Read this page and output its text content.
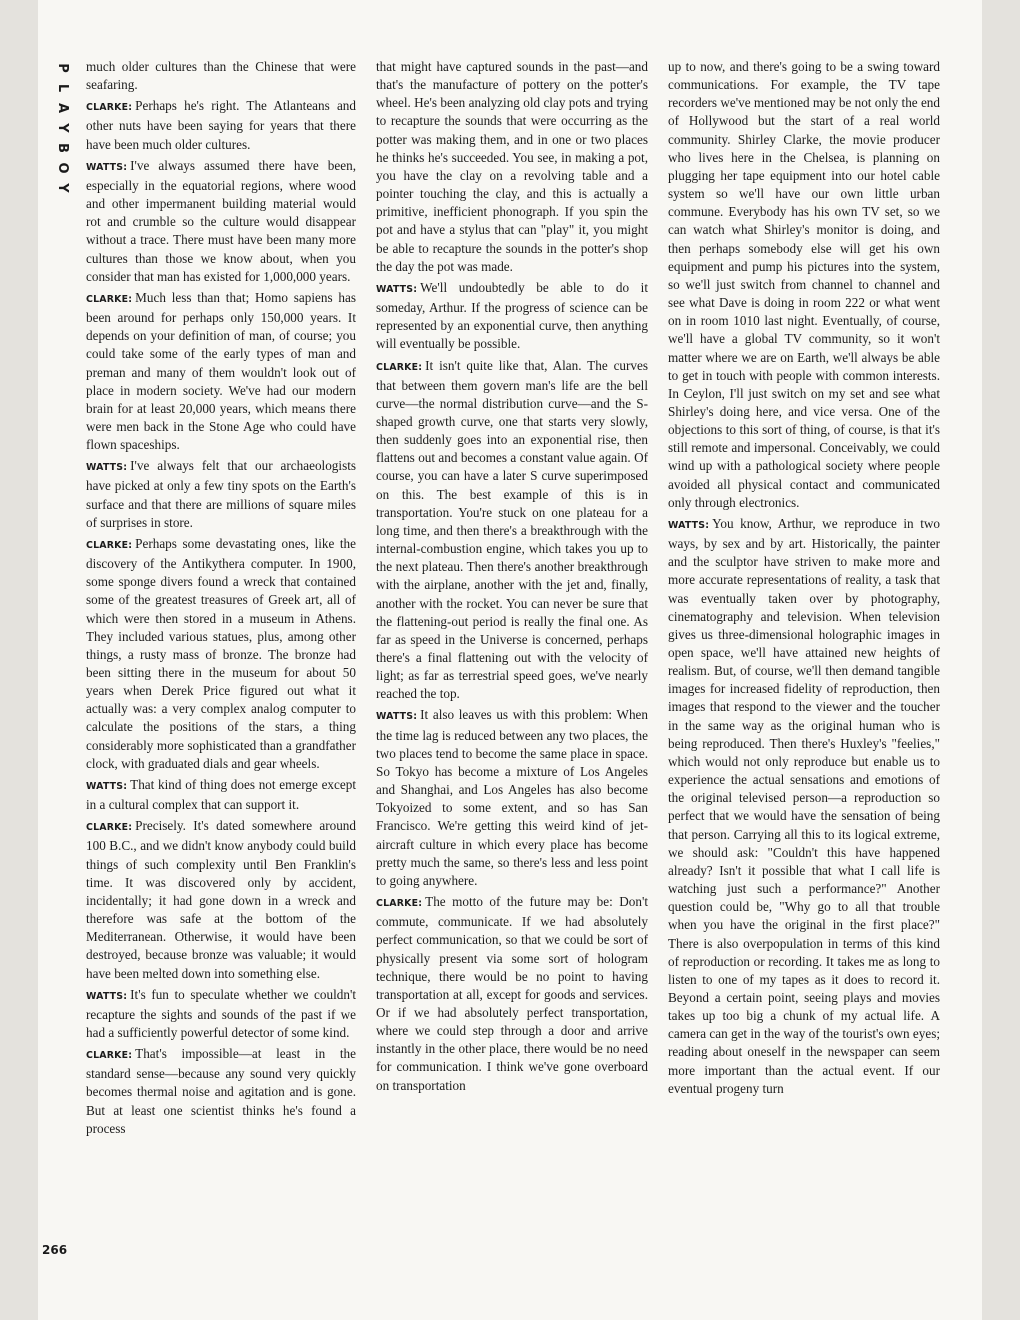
P
L
A
Y
B
O
Y
266

much older cultures than the Chinese that were seafaring.

CLARKE: Perhaps he's right. The Atlanteans and other nuts have been saying for years that there have been much older cultures.

WATTS: I've always assumed there have been, especially in the equatorial regions, where wood and other impermanent building material would rot and crumble so the culture would disappear without a trace. There must have been many more cultures than those we know about, when you consider that man has existed for 1,000,000 years.

CLARKE: Much less than that; Homo sapiens has been around for perhaps only 150,000 years. It depends on your definition of man, of course; you could take some of the early types of man and preman and many of them wouldn't look out of place in modern society. We've had our modern brain for at least 20,000 years, which means there were men back in the Stone Age who could have flown spaceships.

WATTS: I've always felt that our archaeologists have picked at only a few tiny spots on the Earth's surface and that there are millions of square miles of surprises in store.

CLARKE: Perhaps some devastating ones, like the discovery of the Antikythera computer. In 1900, some sponge divers found a wreck that contained some of the greatest treasures of Greek art, all of which were then stored in a museum in Athens. They included various statues, plus, among other things, a rusty mass of bronze. The bronze had been sitting there in the museum for about 50 years when Derek Price figured out what it actually was: a very complex analog computer to calculate the positions of the stars, a thing considerably more sophisticated than a grandfather clock, with graduated dials and gear wheels.

WATTS: That kind of thing does not emerge except in a cultural complex that can support it.

CLARKE: Precisely. It's dated somewhere around 100 B.C., and we didn't know anybody could build things of such complexity until Ben Franklin's time. It was discovered only by accident, incidentally; it had gone down in a wreck and therefore was safe at the bottom of the Mediterranean. Otherwise, it would have been destroyed, because bronze was valuable; it would have been melted down into something else.

WATTS: It's fun to speculate whether we couldn't recapture the sights and sounds of the past if we had a sufficiently powerful detector of some kind.

CLARKE: That's impossible—at least in the standard sense—because any sound very quickly becomes thermal noise and agitation and is gone. But at least one scientist thinks he's found a process

that might have captured sounds in the past—and that's the manufacture of pottery on the potter's wheel. He's been analyzing old clay pots and trying to recapture the sounds that were occurring as the potter was making them, and in one or two places he thinks he's succeeded. You see, in making a pot, you have the clay on a revolving table and a pointer touching the clay, and this is actually a primitive, inefficient phonograph. If you spin the pot and have a stylus that can "play" it, you might be able to recapture the sounds in the potter's shop the day the pot was made.

WATTS: We'll undoubtedly be able to do it someday, Arthur. If the progress of science can be represented by an exponential curve, then anything will eventually be possible.

CLARKE: It isn't quite like that, Alan. The curves that between them govern man's life are the bell curve—the normal distribution curve—and the S-shaped growth curve, one that starts very slowly, then suddenly goes into an exponential rise, then flattens out and becomes a constant value again. Of course, you can have a later S curve superimposed on this. The best example of this is in transportation. You're stuck on one plateau for a long time, and then there's a breakthrough with the internal-combustion engine, which takes you up to the next plateau. Then there's another breakthrough with the airplane, another with the jet and, finally, another with the rocket. You can never be sure that the flattening-out period is really the final one. As far as speed in the Universe is concerned, perhaps there's a final flattening out with the velocity of light; as far as terrestrial speed goes, we've nearly reached the top.

WATTS: It also leaves us with this problem: When the time lag is reduced between any two places, the two places tend to become the same place in space. So Tokyo has become a mixture of Los Angeles and Shanghai, and Los Angeles has also become Tokyoized to some extent, and so has San Francisco. We're getting this weird kind of jet-aircraft culture in which every place has become pretty much the same, so there's less and less point to going anywhere.

CLARKE: The motto of the future may be: Don't commute, communicate. If we had absolutely perfect communication, so that we could be sort of physically present via some sort of hologram technique, there would be no point to having transportation at all, except for goods and services. Or if we had absolutely perfect transportation, where we could step through a door and arrive instantly in the other place, there would be no need for communication. I think we've gone overboard on transportation

up to now, and there's going to be a swing toward communications. For example, the TV tape recorders we've mentioned may be not only the end of Hollywood but the start of a real world community. Shirley Clarke, the movie producer who lives here in the Chelsea, is planning on plugging her tape equipment into our hotel cable system so we'll have our own little urban commune. Everybody has his own TV set, so we can watch what Shirley's monitor is doing, and then perhaps somebody else will get his own equipment and pump his pictures into the system, so we'll just switch from channel to channel and see what Dave is doing in room 222 or what went on in room 1010 last night. Eventually, of course, we'll have a global TV community, so it won't matter where we are on Earth, we'll always be able to get in touch with people with common interests. In Ceylon, I'll just switch on my set and see what Shirley's doing here, and vice versa. One of the objections to this sort of thing, of course, is that it's still remote and impersonal. Conceivably, we could wind up with a pathological society where people avoided all physical contact and communicated only through electronics.

WATTS: You know, Arthur, we reproduce in two ways, by sex and by art. Historically, the painter and the sculptor have striven to make more and more accurate representations of reality, a task that was eventually taken over by photography, cinematography and television. When television gives us three-dimensional holographic images in open space, we'll have attained new heights of realism. But, of course, we'll then demand tangible images for increased fidelity of reproduction, then images that respond to the viewer and the toucher in the same way as the original human who is being reproduced. Then there's Huxley's "feelies," which would not only reproduce but enable us to experience the actual sensations and emotions of the original televised person—a reproduction so perfect that we would have the sensation of being that person. Carrying all this to its logical extreme, we should ask: "Couldn't this have happened already? Isn't it possible that what I call life is watching just such a performance?" Another question could be, "Why go to all that trouble when you have the original in the first place?" There is also overpopulation in terms of this kind of reproduction or recording. It takes me as long to listen to one of my tapes as it does to record it. Beyond a certain point, seeing plays and movies takes up too big a chunk of my actual life. A camera can get in the way of the tourist's own eyes; reading about oneself in the newspaper can seem more important than the actual event. If our eventual progeny turn
